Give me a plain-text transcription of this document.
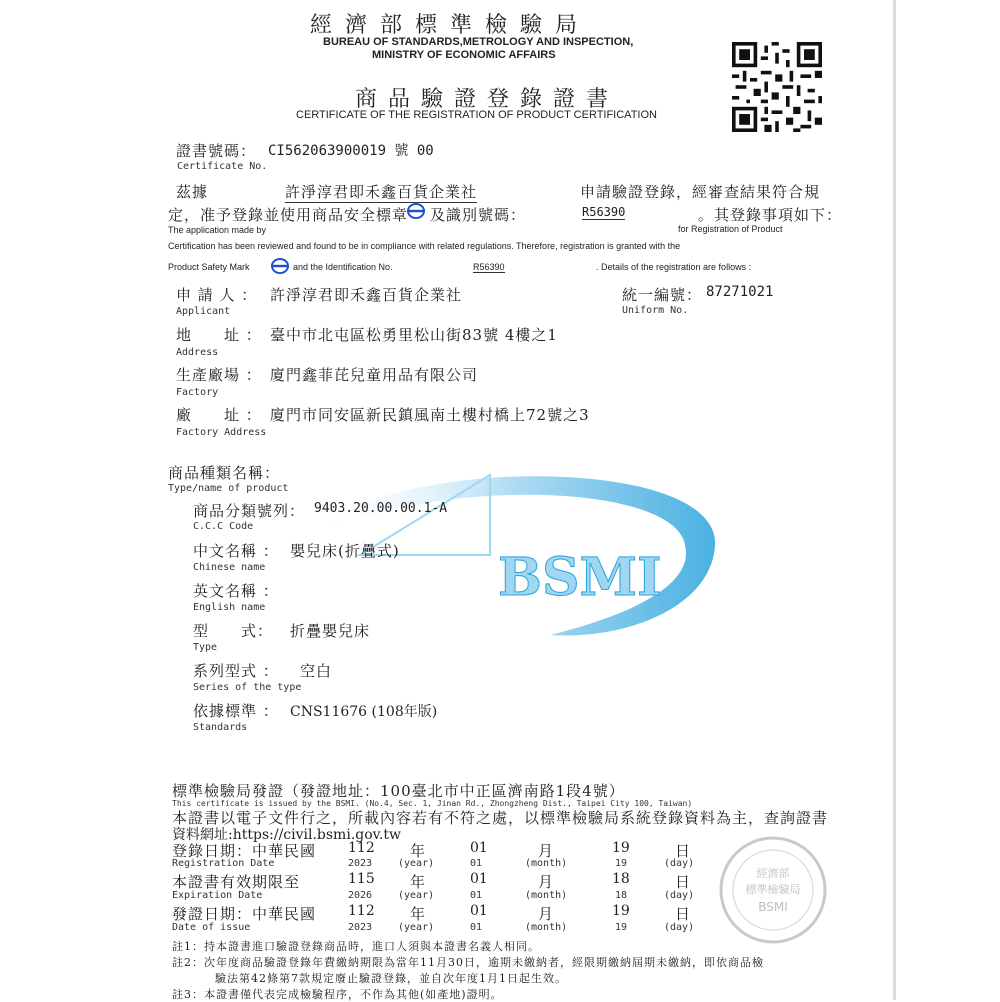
經 濟 部 標 準 檢 驗 局
BUREAU OF STANDARDS,METROLOGY AND INSPECTION,
MINISTRY OF ECONOMIC AFFAIRS
商 品 驗 證 登 錄 證 書
CERTIFICATE OF THE REGISTRATION OF PRODUCT CERTIFICATION
證書號碼： CI562063900019 號 00
Certificate No.
茲據	許淨淳君即禾鑫百貨企業社	申請驗證登錄，經審查結果符合規
定，准予登錄並使用商品安全標章 及識別號碼：	R56390	。其登錄事項如下：
The application made by	for Registration of Product
Certification has been reviewed and found to be in compliance with related regulations. Therefore, registration is granted with the
Product Safety Mark	and the Identification No.	R56390	. Details of the registration are follows :
申 請 人 ： 許淨淳君即禾鑫百貨企業社
Applicant
統一編號： 87271021
Uniform No.
地　　址 ： 臺中市北屯區松勇里松山街83號 4樓之1
Address
生產廠場 ： 廈門鑫菲芘兒童用品有限公司
Factory
廠　　址 ： 廈門市同安區新民鎮風南土樓村橋上72號之3
Factory Address
BSMI
商品種類名稱：
Type/name of product
商品分類號列： 9403.20.00.00.1-A
C.C.C Code
中文名稱 ： 嬰兒床(折疊式)
Chinese name
英文名稱 ：
English name
型　　式： 折疊嬰兒床
Type
系列型式 ： 空白
Series of the type
依據標準 ： CNS11676 (108年版)
Standards
標準檢驗局發證（發證地址：100臺北市中正區濟南路1段4號）
This certificate is issued by the BSMI. (No.4, Sec. 1, Jinan Rd., Zhongzheng Dist., Taipei City 100, Taiwan)
本證書以電子文件行之，所載內容若有不符之處，以標準檢驗局系統登錄資料為主，查詢證書
資料網址:https://civil.bsmi.gov.tw
登錄日期：中華民國 112 年	01	月	19	日
Registration Date	2023	(year)	01	(month)	19	(day)
本證書有效期限至	115 年	01	月	18	日
Expiration Date	2026	(year)	01	(month)	18	(day)
發證日期：中華民國 112 年	01	月	19	日
Date of issue	2023	(year)	01	(month)	19	(day)
經濟部
標準檢驗局
BSMI
註1：持本證書進口驗證登錄商品時，進口人須與本證書名義人相同。
註2：次年度商品驗證登錄年費繳納期限為當年11月30日，逾期未繳納者，經限期繳納屆期未繳納，即依商品檢
驗法第42條第7款規定廢止驗證登錄，並自次年度1月1日起生效。
註3：本證書僅代表完成檢驗程序，不作為其他(如產地)證明。
